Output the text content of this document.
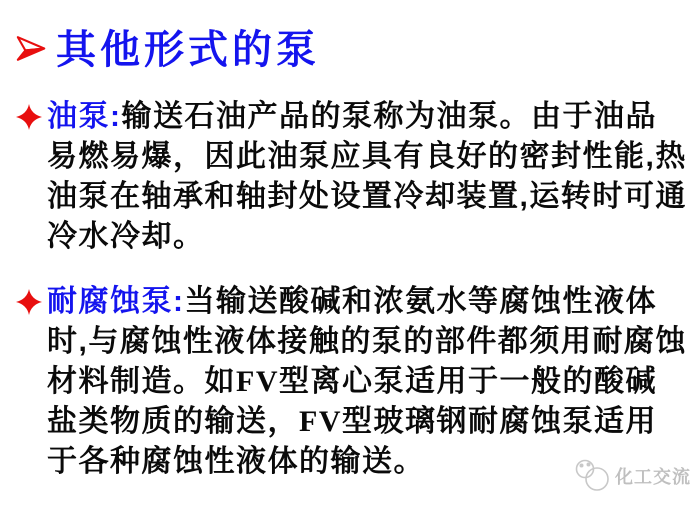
其他形式的泵
油泵:输送石油产品的泵称为油泵。由于油品
易燃易爆，因此油泵应具有良好的密封性能,热
油泵在轴承和轴封处设置冷却装置,运转时可通
冷水冷却。
耐腐蚀泵:当输送酸碱和浓氨水等腐蚀性液体
时,与腐蚀性液体接触的泵的部件都须用耐腐蚀
材料制造。如FV型离心泵适用于一般的酸碱
盐类物质的输送，FV型玻璃钢耐腐蚀泵适用
于各种腐蚀性液体的输送。	化工交流
